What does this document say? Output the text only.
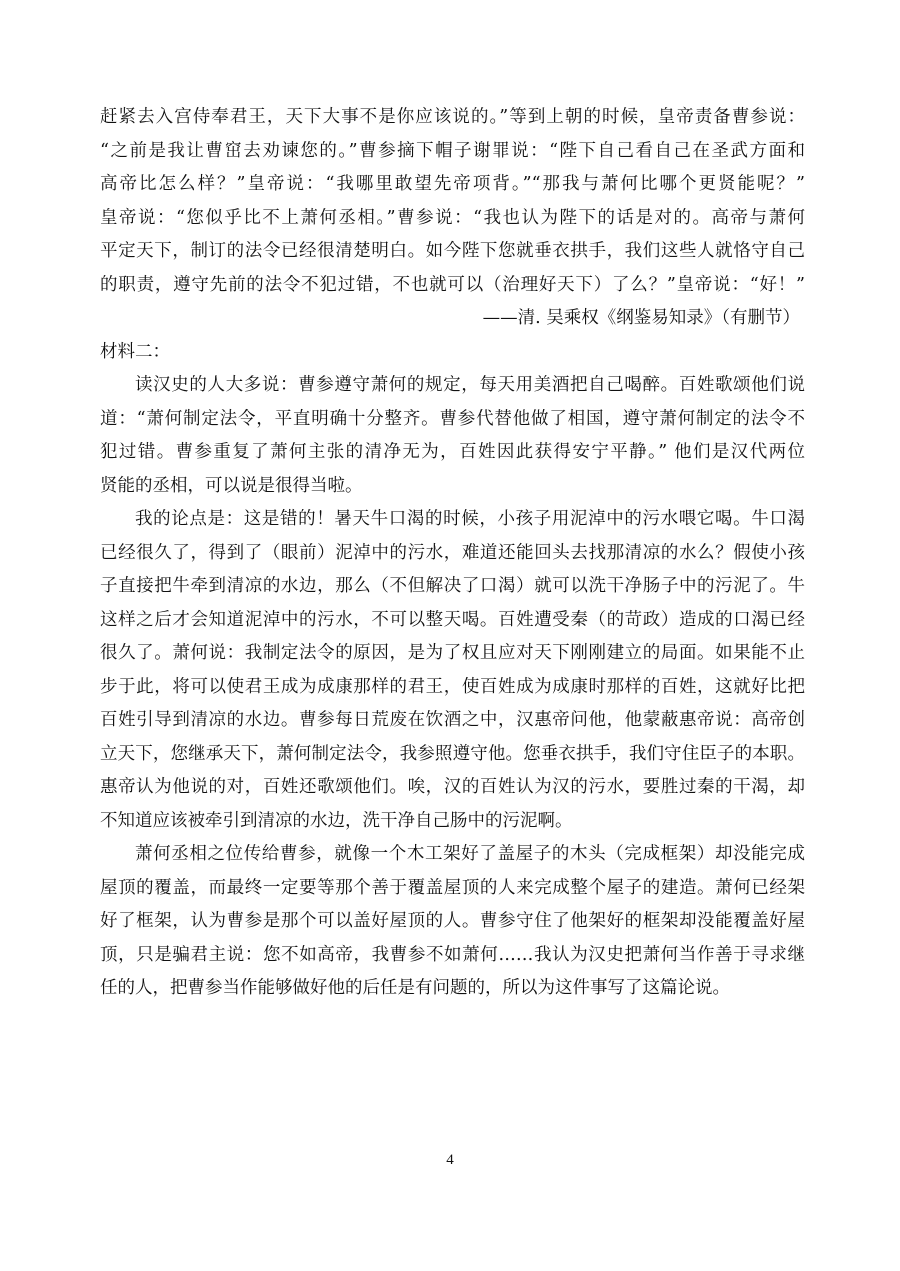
赶紧去入宫侍奉君王，天下大事不是你应该说的。”等到上朝的时候，皇帝责备曹参说：

“之前是我让曹窋去劝谏您的。”曹参摘下帽子谢罪说：“陛下自己看自己在圣武方面和

高帝比怎么样？”皇帝说：“我哪里敢望先帝项背。”“那我与萧何比哪个更贤能呢？”

皇帝说：“您似乎比不上萧何丞相。”曹参说：“我也认为陛下的话是对的。高帝与萧何

平定天下，制订的法令已经很清楚明白。如今陛下您就垂衣拱手，我们这些人就恪守自己

的职责，遵守先前的法令不犯过错，不也就可以（治理好天下）了么？”皇帝说：“好！”

——清. 吴乘权《纲鉴易知录》（有删节）

材料二：

读汉史的人大多说：曹参遵守萧何的规定，每天用美酒把自己喝醉。百姓歌颂他们说

道：“萧何制定法令，平直明确十分整齐。曹参代替他做了相国，遵守萧何制定的法令不

犯过错。曹参重复了萧何主张的清净无为，百姓因此获得安宁平静。” 他们是汉代两位

贤能的丞相，可以说是很得当啦。

我的论点是：这是错的！暑天牛口渴的时候，小孩子用泥淖中的污水喂它喝。牛口渴

已经很久了，得到了（眼前）泥淖中的污水，难道还能回头去找那清凉的水么？假使小孩

子直接把牛牵到清凉的水边，那么（不但解决了口渴）就可以洗干净肠子中的污泥了。牛

这样之后才会知道泥淖中的污水，不可以整天喝。百姓遭受秦（的苛政）造成的口渴已经

很久了。萧何说：我制定法令的原因，是为了权且应对天下刚刚建立的局面。如果能不止

步于此，将可以使君王成为成康那样的君王，使百姓成为成康时那样的百姓，这就好比把

百姓引导到清凉的水边。曹参每日荒废在饮酒之中，汉惠帝问他，他蒙蔽惠帝说：高帝创

立天下，您继承天下，萧何制定法令，我参照遵守他。您垂衣拱手，我们守住臣子的本职。

惠帝认为他说的对，百姓还歌颂他们。唉，汉的百姓认为汉的污水，要胜过秦的干渴，却

不知道应该被牵引到清凉的水边，洗干净自己肠中的污泥啊。

萧何丞相之位传给曹参，就像一个木工架好了盖屋子的木头（完成框架）却没能完成

屋顶的覆盖，而最终一定要等那个善于覆盖屋顶的人来完成整个屋子的建造。萧何已经架

好了框架，认为曹参是那个可以盖好屋顶的人。曹参守住了他架好的框架却没能覆盖好屋

顶，只是骗君主说：您不如高帝，我曹参不如萧何……我认为汉史把萧何当作善于寻求继

任的人，把曹参当作能够做好他的后任是有问题的，所以为这件事写了这篇论说。

4
